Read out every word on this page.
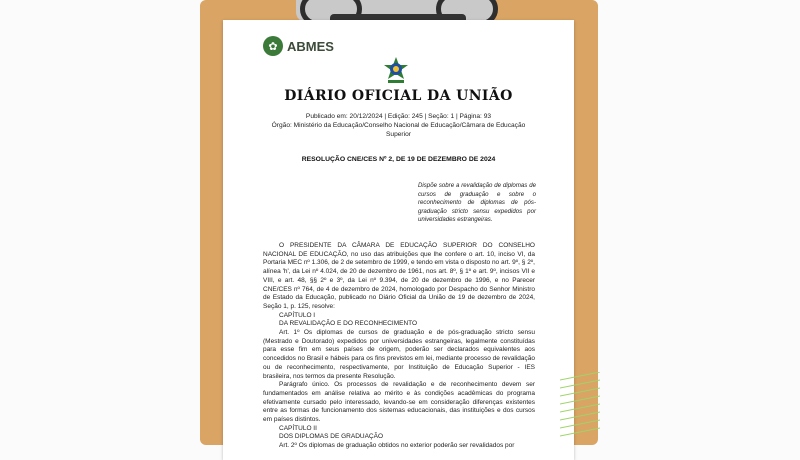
✿ ABMES
DIÁRIO OFICIAL DA UNIÃO
Publicado em: 20/12/2024 | Edição: 245 | Seção: 1 | Página: 93
Órgão: Ministério da Educação/Conselho Nacional de Educação/Câmara de Educação Superior
RESOLUÇÃO CNE/CES Nº 2, DE 19 DE DEZEMBRO DE 2024
Dispõe sobre a revalidação de diplomas de cursos de graduação e sobre o reconhecimento de diplomas de pós-graduação stricto sensu expedidos por universidades estrangeiras.

O PRESIDENTE DA CÂMARA DE EDUCAÇÃO SUPERIOR DO CONSELHO NACIONAL DE EDUCAÇÃO, no uso das atribuições que lhe confere o art. 10, inciso VI, da Portaria MEC nº 1.306, de 2 de setembro de 1999, e tendo em vista o disposto no art. 9º, § 2º, alínea 'h', da Lei nº 4.024, de 20 de dezembro de 1961, nos art. 8º, § 1º e art. 9º, incisos VII e VIII, e art. 48, §§ 2º e 3º, da Lei nº 9.394, de 20 de dezembro de 1996, e no Parecer CNE/CES nº 764, de 4 de dezembro de 2024, homologado por Despacho do Senhor Ministro de Estado da Educação, publicado no Diário Oficial da União de 19 de dezembro de 2024, Seção 1, p. 125, resolve:

CAPÍTULO I

DA REVALIDAÇÃO E DO RECONHECIMENTO

Art. 1º Os diplomas de cursos de graduação e de pós-graduação stricto sensu (Mestrado e Doutorado) expedidos por universidades estrangeiras, legalmente constituídas para esse fim em seus países de origem, poderão ser declarados equivalentes aos concedidos no Brasil e hábeis para os fins previstos em lei, mediante processo de revalidação ou de reconhecimento, respectivamente, por Instituição de Educação Superior - IES brasileira, nos termos da presente Resolução.

Parágrafo único. Os processos de revalidação e de reconhecimento devem ser fundamentados em análise relativa ao mérito e às condições acadêmicas do programa efetivamente cursado pelo interessado, levando-se em consideração diferenças existentes entre as formas de funcionamento dos sistemas educacionais, das instituições e dos cursos em países distintos.

CAPÍTULO II

DOS DIPLOMAS DE GRADUAÇÃO

Art. 2º Os diplomas de graduação obtidos no exterior poderão ser revalidados por
